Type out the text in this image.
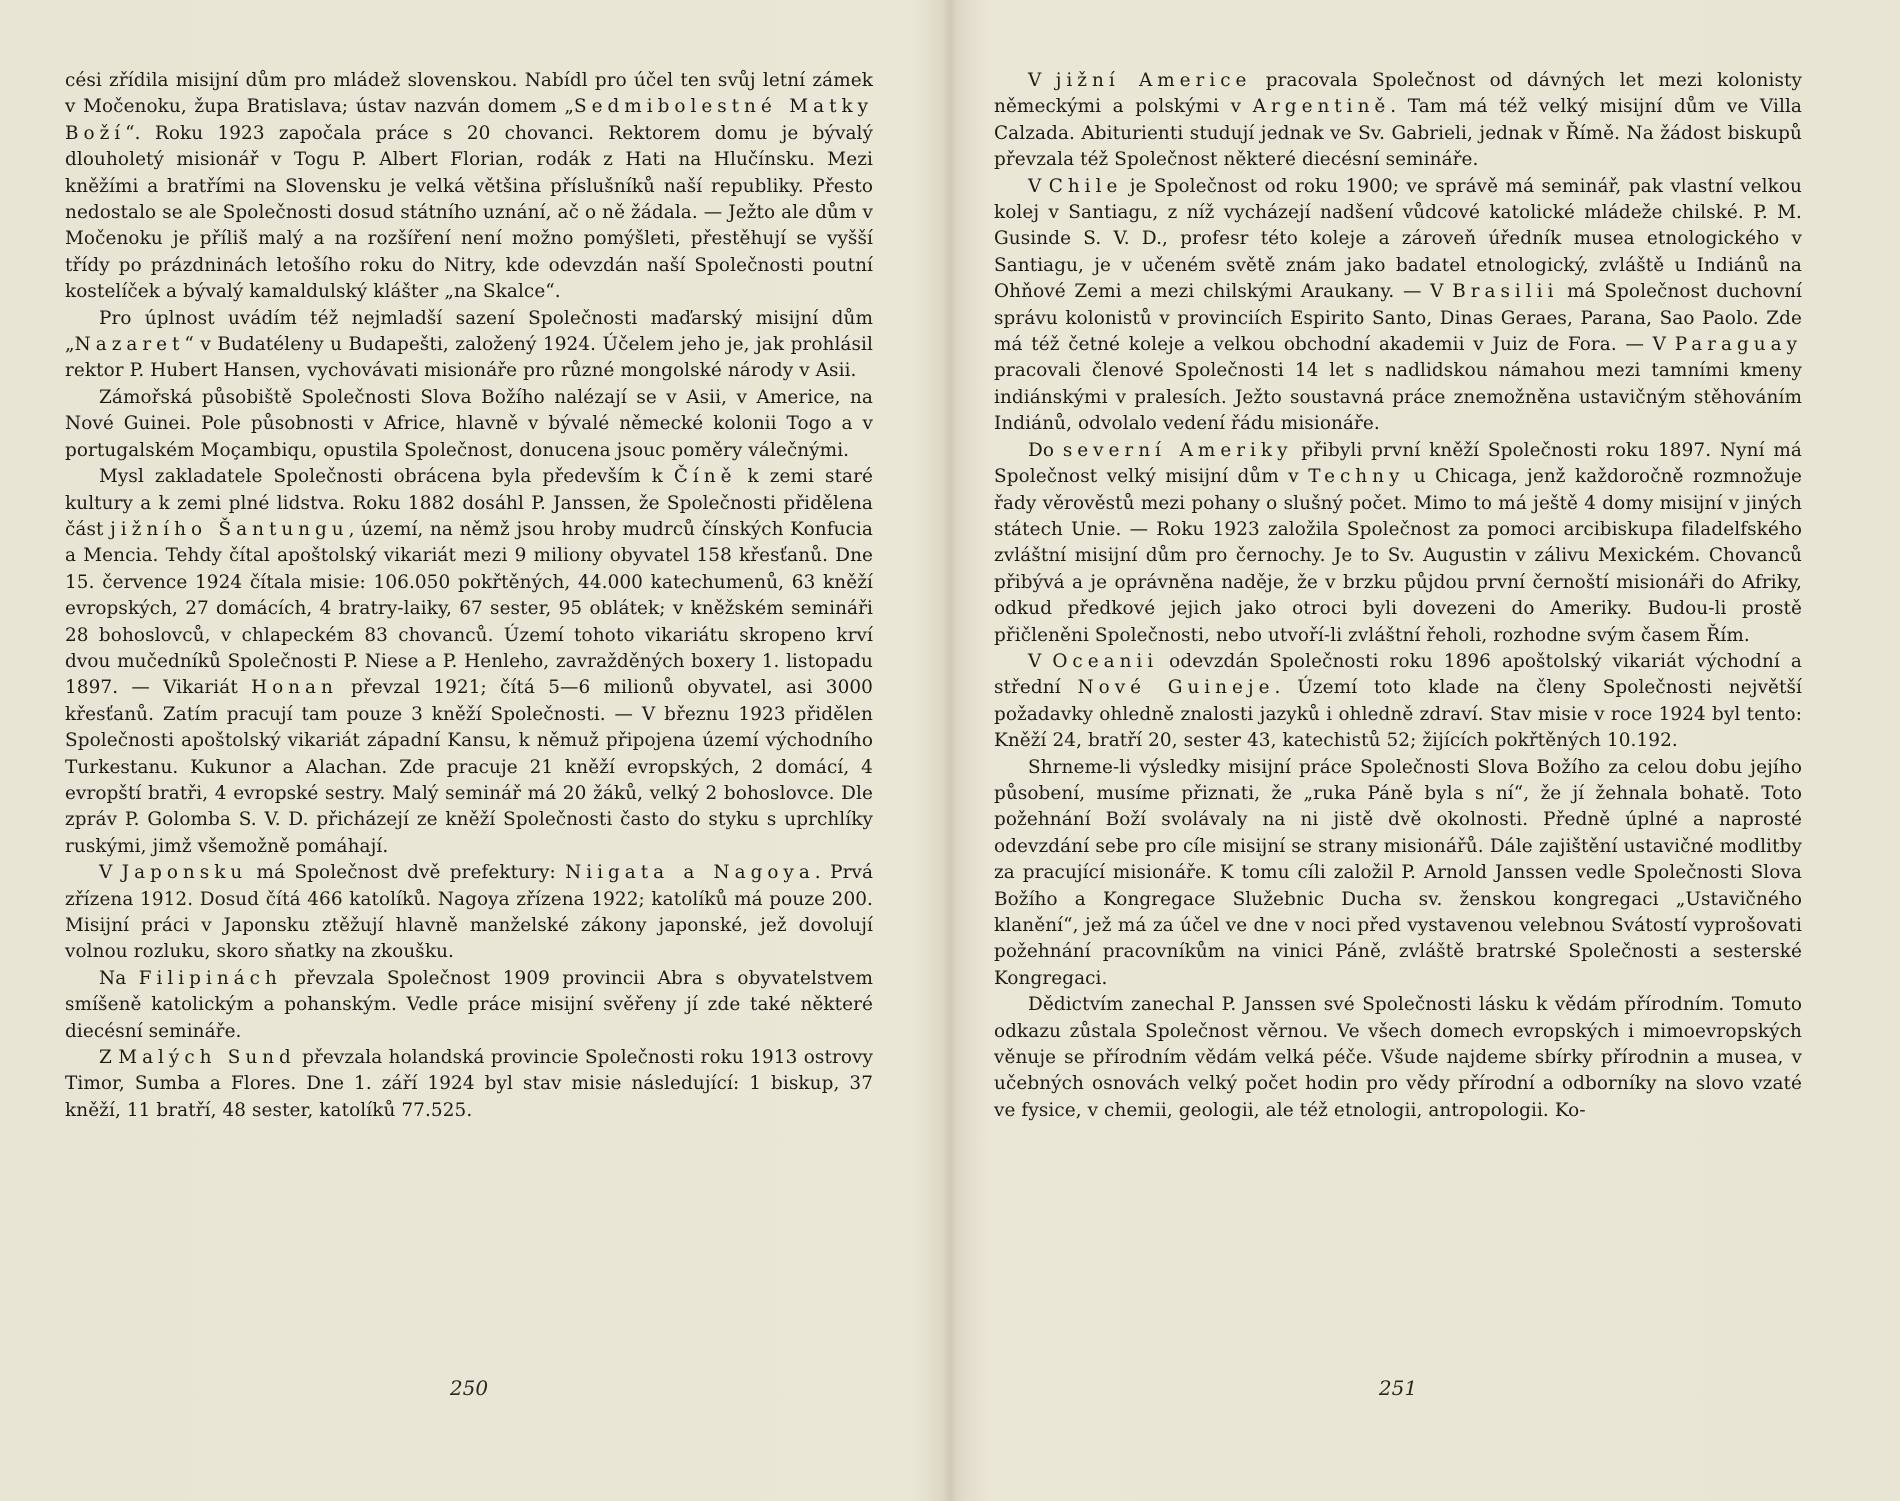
cési zřídila misijní dům pro mládež slovenskou. Nabídl pro účel ten svůj letní zámek v Močenoku, župa Bratislava; ústav nazván domem „Sedmibolestné Matky Boží“. Roku 1923 započala práce s 20 chovanci. Rektorem domu je bývalý dlouholetý misionář v Togu P. Albert Florian, rodák z Hati na Hlučínsku. Mezi kněžími a bratřími na Slovensku je velká většina příslušníků naší republiky. Přesto nedostalo se ale Společnosti dosud státního uznání, ač o ně žádala. — Ježto ale dům v Močenoku je příliš malý a na rozšíření není možno pomýšleti, přestěhují se vyšší třídy po prázdninách letošího roku do Nitry, kde odevzdán naší Společnosti poutní kostelíček a bývalý kamaldulský klášter „na Skalce“.

Pro úplnost uvádím též nejmladší sazení Společnosti maďarský misijní dům „Nazaret“ v Budatéleny u Budapešti, založený 1924. Účelem jeho je, jak prohlásil rektor P. Hubert Hansen, vychovávati misionáře pro různé mongolské národy v Asii.

Zámořská působiště Společnosti Slova Božího nalézají se v Asii, v Americe, na Nové Guinei. Pole působnosti v Africe, hlavně v bývalé německé kolonii Togo a v portugalském Moçambiqu, opustila Společnost, donucena jsouc poměry válečnými.

Mysl zakladatele Společnosti obrácena byla především k Číně k zemi staré kultury a k zemi plné lidstva. Roku 1882 dosáhl P. Janssen, že Společnosti přidělena část jižního Šantungu, území, na němž jsou hroby mudrců čínských Konfucia a Mencia. Tehdy čítal apoštolský vikariát mezi 9 miliony obyvatel 158 křesťanů. Dne 15. července 1924 čítala misie: 106.050 pokřtěných, 44.000 katechumenů, 63 kněží evropských, 27 domácích, 4 bratry-laiky, 67 sester, 95 oblátek; v kněžském semináři 28 bohoslovců, v chlapeckém 83 chovanců. Území tohoto vikariátu skropeno krví dvou mučedníků Společnosti P. Niese a P. Henleho, zavražděných boxery 1. listopadu 1897. — Vikariát Honan převzal 1921; čítá 5—6 milionů obyvatel, asi 3000 křesťanů. Zatím pracují tam pouze 3 kněží Společnosti. — V březnu 1923 přidělen Společnosti apoštolský vikariát západní Kansu, k němuž připojena území východního Turkestanu. Kukunor a Alachan. Zde pracuje 21 kněží evropských, 2 domácí, 4 evropští bratři, 4 evropské sestry. Malý seminář má 20 žáků, velký 2 bohoslovce. Dle zpráv P. Golomba S. V. D. přicházejí ze kněží Společnosti často do styku s uprchlíky ruskými, jimž všemožně pomáhají.

V Japonsku má Společnost dvě prefektury: Niigata a Nagoya. Prvá zřízena 1912. Dosud čítá 466 katolíků. Nagoya zřízena 1922; katolíků má pouze 200. Misijní práci v Japonsku ztěžují hlavně manželské zákony japonské, jež dovolují volnou rozluku, skoro sňatky na zkoušku.

Na Filipinách převzala Společnost 1909 provincii Abra s obyvatelstvem smíšeně katolickým a pohanským. Vedle práce misijní svěřeny jí zde také některé diecésní semináře.

Z Malých Sund převzala holandská provincie Společnosti roku 1913 ostrovy Timor, Sumba a Flores. Dne 1. září 1924 byl stav misie následující: 1 biskup, 37 kněží, 11 bratří, 48 sester, katolíků 77.525.

250

V jižní Americe pracovala Společnost od dávných let mezi kolonisty německými a polskými v Argentině. Tam má též velký misijní dům ve Villa Calzada. Abiturienti studují jednak ve Sv. Gabrieli, jednak v Římě. Na žádost biskupů převzala též Společnost některé diecésní semináře.

V Chile je Společnost od roku 1900; ve správě má seminář, pak vlastní velkou kolej v Santiagu, z níž vycházejí nadšení vůdcové katolické mládeže chilské. P. M. Gusinde S. V. D., profesr této koleje a zároveň úředník musea etnologického v Santiagu, je v učeném světě znám jako badatel etnologický, zvláště u Indiánů na Ohňové Zemi a mezi chilskými Araukany. — V Brasilii má Společnost duchovní správu kolonistů v provinciích Espirito Santo, Dinas Geraes, Parana, Sao Paolo. Zde má též četné koleje a velkou obchodní akademii v Juiz de Fora. — V Paraguay pracovali členové Společnosti 14 let s nadlidskou námahou mezi tamními kmeny indiánskými v pralesích. Ježto soustavná práce znemožněna ustavičným stěhováním Indiánů, odvolalo vedení řádu misionáře.

Do severní Ameriky přibyli první kněží Společnosti roku 1897. Nyní má Společnost velký misijní dům v Techny u Chicaga, jenž každoročně rozmnožuje řady věrověstů mezi pohany o slušný počet. Mimo to má ještě 4 domy misijní v jiných státech Unie. — Roku 1923 založila Společnost za pomoci arcibiskupa filadelfského zvláštní misijní dům pro černochy. Je to Sv. Augustin v zálivu Mexickém. Chovanců přibývá a je oprávněna naděje, že v brzku půjdou první černoští misionáři do Afriky, odkud předkové jejich jako otroci byli dovezeni do Ameriky. Budou-li prostě přičleněni Společnosti, nebo utvoří-li zvláštní řeholi, rozhodne svým časem Řím.

V Oceanii odevzdán Společnosti roku 1896 apoštolský vikariát východní a střední Nové Guineje. Území toto klade na členy Společnosti největší požadavky ohledně znalosti jazyků i ohledně zdraví. Stav misie v roce 1924 byl tento: Kněží 24, bratří 20, sester 43, katechistů 52; žijících pokřtěných 10.192.

Shrneme-li výsledky misijní práce Společnosti Slova Božího za celou dobu jejího působení, musíme přiznati, že „ruka Páně byla s ní“, že jí žehnala bohatě. Toto požehnání Boží svolávaly na ni jistě dvě okolnosti. Předně úplné a naprosté odevzdání sebe pro cíle misijní se strany misionářů. Dále zajištění ustavičné modlitby za pracující misionáře. K tomu cíli založil P. Arnold Janssen vedle Společnosti Slova Božího a Kongregace Služebnic Ducha sv. ženskou kongregaci „Ustavičného klanění“, jež má za účel ve dne v noci před vystavenou velebnou Svátostí vyprošovati požehnání pracovníkům na vinici Páně, zvláště bratrské Společnosti a sesterské Kongregaci.

Dědictvím zanechal P. Janssen své Společnosti lásku k vědám přírodním. Tomuto odkazu zůstala Společnost věrnou. Ve všech domech evropských i mimoevropských věnuje se přírodním vědám velká péče. Všude najdeme sbírky přírodnin a musea, v učebných osnovách velký počet hodin pro vědy přírodní a odborníky na slovo vzaté ve fysice, v chemii, geologii, ale též etnologii, antropologii. Ko-

251
